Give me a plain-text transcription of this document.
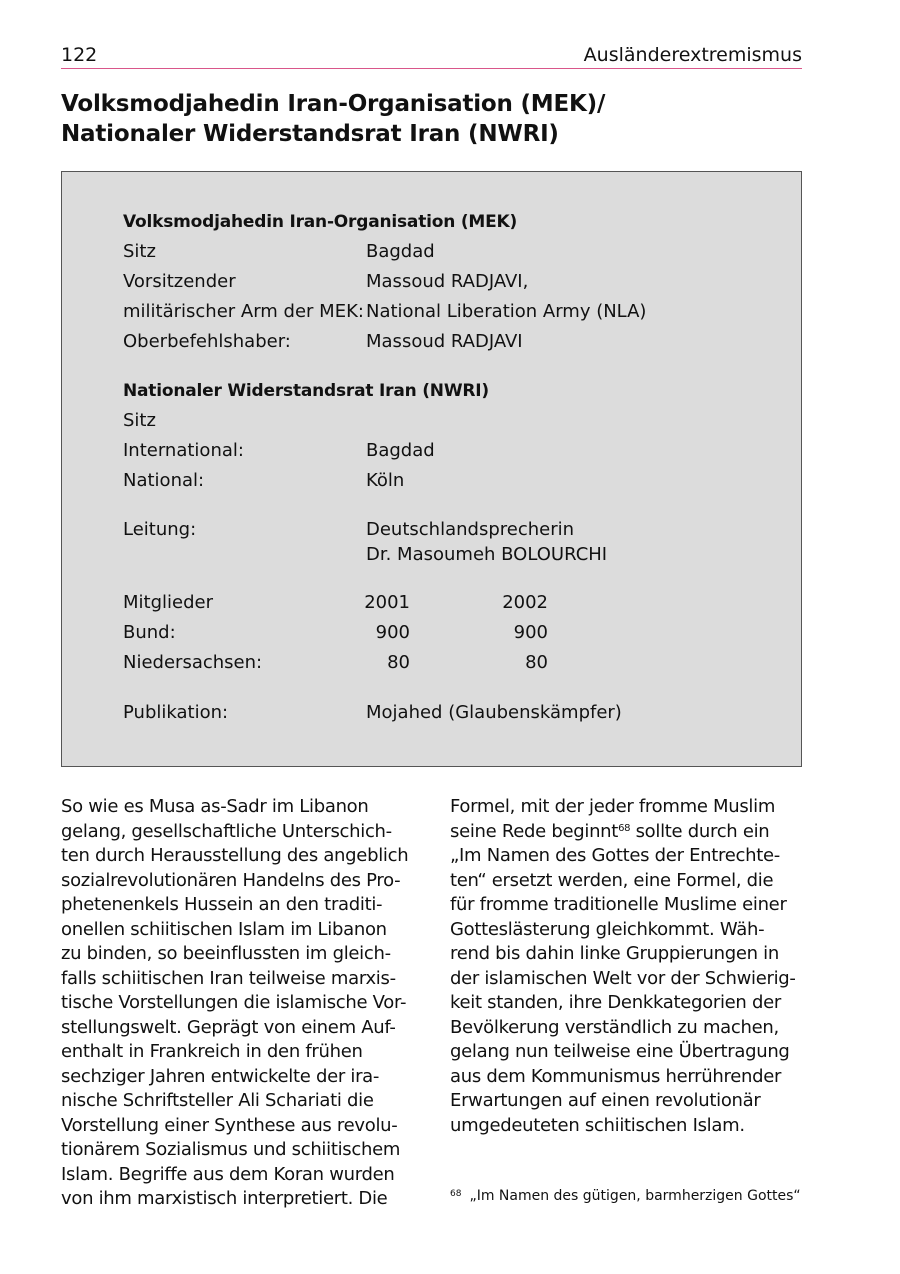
122	Ausländerextremismus
Volksmodjahedin Iran-Organisation (MEK)/
Nationaler Widerstandsrat Iran (NWRI)
Volksmodjahedin Iran-Organisation (MEK)
Sitz	Bagdad
Vorsitzender	Massoud RADJAVI,
militärischer Arm der MEK: National Liberation Army (NLA)
Oberbefehlshaber:	Massoud RADJAVI
Nationaler Widerstandsrat Iran (NWRI)
Sitz
International:	Bagdad
National:	Köln
Leitung:	Deutschlandsprecherin
Dr. Masoumeh BOLOURCHI
Mitglieder	2001	2002
Bund:	900	900
Niedersachsen:	80	80
Publikation:	Mojahed (Glaubenskämpfer)
So wie es Musa as-Sadr im Libanon
gelang, gesellschaftliche Unterschich-
ten durch Herausstellung des angeblich
sozialrevolutionären Handelns des Pro-
phetenenkels Hussein an den traditi-
onellen schiitischen Islam im Libanon
zu binden, so beeinflussten im gleich-
falls schiitischen Iran teilweise marxis-
tische Vorstellungen die islamische Vor-
stellungswelt. Geprägt von einem Auf-
enthalt in Frankreich in den frühen
sechziger Jahren entwickelte der ira-
nische Schriftsteller Ali Schariati die
Vorstellung einer Synthese aus revolu-
tionärem Sozialismus und schiitischem
Islam. Begriffe aus dem Koran wurden
von ihm marxistisch interpretiert. Die
Formel, mit der jeder fromme Muslim
seine Rede beginnt$^{68}$ sollte durch ein
„Im Namen des Gottes der Entrechte-
ten“ ersetzt werden, eine Formel, die
für fromme traditionelle Muslime einer
Gotteslästerung gleichkommt. Wäh-
rend bis dahin linke Gruppierungen in
der islamischen Welt vor der Schwierig-
keit standen, ihre Denkkategorien der
Bevölkerung verständlich zu machen,
gelang nun teilweise eine Übertragung
aus dem Kommunismus herrührender
Erwartungen auf einen revolutionär
umgedeuteten schiitischen Islam.
$^{68}$ „Im Namen des gütigen, barmherzigen Gottes“
